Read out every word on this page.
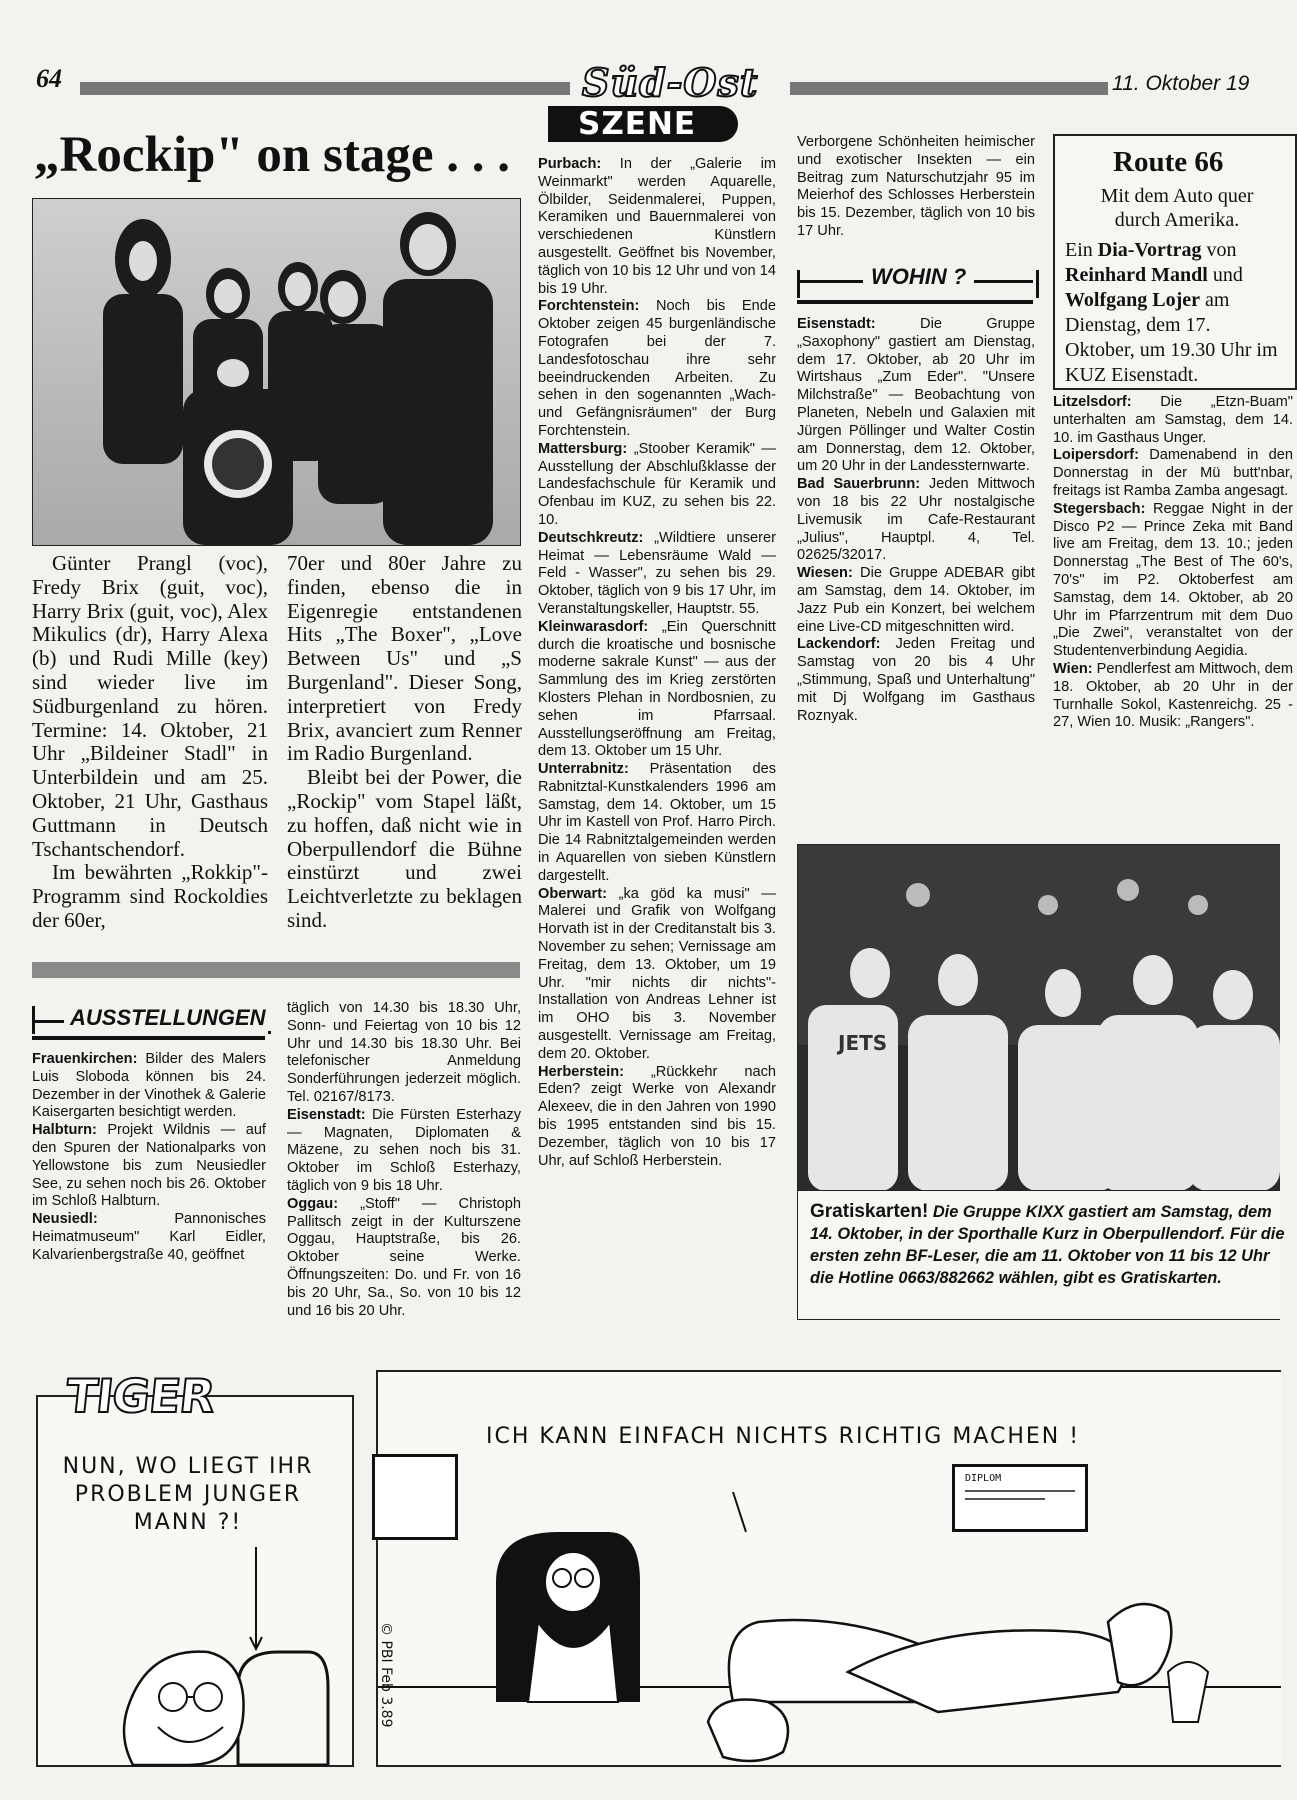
64	Süd-Ost
SZENE
11. Oktober 19
„Rockip" on stage . . .

Günter Prangl (voc), Fredy Brix (guit, voc), Harry Brix (guit, voc), Alex Mikulics (dr), Harry Alexa (b) und Rudi Mille (key) sind wieder live im Südburgenland zu hören. Termine: 14. Oktober, 21 Uhr „Bildeiner Stadl" in Unterbildein und am 25. Oktober, 21 Uhr, Gasthaus Guttmann in Deutsch Tschantschendorf.

Im bewährten „Rokkip"-Programm sind Rockoldies der 60er,

70er und 80er Jahre zu finden, ebenso die in Eigenregie entstandenen Hits „The Boxer", „Love Between Us" und „S Burgenland". Dieser Song, interpretiert von Fredy Brix, avanciert zum Renner im Radio Burgenland.

Bleibt bei der Power, die „Rockip" vom Stapel läßt, zu hoffen, daß nicht wie in Oberpullendorf die Bühne einstürzt und zwei Leichtverletzte zu beklagen sind.

AUSSTELLUNGEN

Frauenkirchen: Bilder des Malers Luis Sloboda können bis 24. Dezember in der Vinothek & Galerie Kaisergarten besichtigt werden.

Halbturn: Projekt Wildnis — auf den Spuren der Nationalparks von Yellowstone bis zum Neusiedler See, zu sehen noch bis 26. Oktober im Schloß Halbturn.

Neusiedl:	Pannonisches Heimatmuseum" Karl Eidler, Kalvarienbergstraße 40, geöffnet

täglich von 14.30 bis 18.30 Uhr, Sonn- und Feiertag von 10 bis 12 Uhr und 14.30 bis 18.30 Uhr. Bei telefonischer Anmeldung Sonderführungen jederzeit möglich. Tel. 02167/8173.

Eisenstadt: Die Fürsten Esterhazy — Magnaten, Diplomaten & Mäzene, zu sehen noch bis 31. Oktober im Schloß Esterhazy, täglich von 9 bis 18 Uhr.

Oggau: „Stoff" — Christoph Pallitsch zeigt in der Kulturszene Oggau, Hauptstraße, bis 26. Oktober seine Werke. Öffnungszeiten: Do. und Fr. von 16 bis 20 Uhr, Sa., So. von 10 bis 12 und 16 bis 20 Uhr.

Purbach: In der „Galerie im Weinmarkt" werden Aquarelle, Ölbilder, Seidenmalerei, Puppen, Keramiken und Bauernmalerei von verschiedenen Künstlern ausgestellt. Geöffnet bis November, täglich von 10 bis 12 Uhr und von 14 bis 19 Uhr.

Forchtenstein: Noch bis Ende Oktober zeigen 45 burgenländische Fotografen bei der 7. Landesfotoschau ihre sehr beeindruckenden Arbeiten. Zu sehen in den sogenannten „Wach- und Gefängnisräumen" der Burg Forchtenstein.

Mattersburg: „Stoober Keramik" — Ausstellung der Abschlußklasse der Landesfachschule für Keramik und Ofenbau im KUZ, zu sehen bis 22. 10.

Deutschkreutz: „Wildtiere unserer Heimat — Lebensräume Wald — Feld - Wasser", zu sehen bis 29. Oktober, täglich von 9 bis 17 Uhr, im Veranstaltungskeller, Hauptstr. 55.

Kleinwarasdorf: „Ein Querschnitt durch die kroatische und bosnische moderne sakrale Kunst" — aus der Sammlung des im Krieg zerstörten Klosters Plehan in Nordbosnien, zu sehen im Pfarrsaal. Ausstellungseröffnung am Freitag, dem 13. Oktober um 15 Uhr.

Unterrabnitz: Präsentation des Rabnitztal-Kunstkalenders 1996 am Samstag, dem 14. Oktober, um 15 Uhr im Kastell von Prof. Harro Pirch. Die 14 Rabnitztalgemeinden werden in Aquarellen von sieben Künstlern dargestellt.

Oberwart: „ka göd ka musi" — Malerei und Grafik von Wolfgang Horvath ist in der Creditanstalt bis 3. November zu sehen; Vernissage am Freitag, dem 13. Oktober, um 19 Uhr. "mir nichts dir nichts"-Installation von Andreas Lehner ist im OHO bis 3. November ausgestellt. Vernissage am Freitag, dem 20. Oktober.

Herberstein: „Rückkehr nach Eden? zeigt Werke von Alexandr Alexeev, die in den Jahren von 1990 bis 1995 entstanden sind bis 15. Dezember, täglich von 10 bis 17 Uhr, auf Schloß Herberstein.

Verborgene Schönheiten heimischer und exotischer Insekten — ein Beitrag zum Naturschutzjahr 95 im Meierhof des Schlosses Herberstein bis 15. Dezember, täglich von 10 bis 17 Uhr.
WOHIN ?

Eisenstadt:	Die Gruppe „Saxophony" gastiert am Dienstag, dem 17. Oktober, ab 20 Uhr im Wirtshaus „Zum Eder". "Unsere Milchstraße" — Beobachtung von Planeten, Nebeln und Galaxien mit Jürgen Pöllinger und Walter Costin am Donnerstag, dem 12. Oktober, um 20 Uhr in der Landessternwarte.

Bad Sauerbrunn: Jeden Mittwoch von 18 bis 22 Uhr nostalgische Livemusik im Cafe-Restaurant „Julius", Hauptpl. 4, Tel. 02625/32017.

Wiesen: Die Gruppe ADEBAR gibt am Samstag, dem 14. Oktober, im Jazz Pub ein Konzert, bei welchem eine Live-CD mitgeschnitten wird.

Lackendorf: Jeden Freitag und Samstag von 20 bis 4 Uhr „Stimmung, Spaß und Unterhaltung" mit Dj Wolfgang im Gasthaus Roznyak.

Route 66
Mit dem Auto quer durch Amerika.
Ein Dia-Vortrag von Reinhard Mandl und Wolfgang Lojer am Dienstag, dem 17. Oktober, um 19.30 Uhr im KUZ Eisenstadt.

Litzelsdorf: Die „Etzn-Buam" unterhalten am Samstag, dem 14. 10. im Gasthaus Unger.

Loipersdorf: Damenabend in den Donnerstag in der Mü butt'nbar, freitags ist Ramba Zamba angesagt.

Stegersbach: Reggae Night in der Disco P2 — Prince Zeka mit Band live am Freitag, dem 13. 10.; jeden Donnerstag „The Best of The 60's, 70's" im P2. Oktoberfest am Samstag, dem 14. Oktober, ab 20 Uhr im Pfarrzentrum mit dem Duo „Die Zwei", veranstaltet von der Studentenverbindung Aegidia.

Wien: Pendlerfest am Mittwoch, dem 18. Oktober, ab 20 Uhr in der Turnhalle Sokol, Kastenreichg. 25 - 27, Wien 10. Musik: „Rangers".

JETS
Gratiskarten! Die Gruppe KIXX gastiert am Samstag, dem 14. Oktober, in der Sporthalle Kurz in Oberpullendorf. Für die ersten zehn BF-Leser, die am 11. Oktober von 11 bis 12 Uhr die Hotline 0663/882662 wählen, gibt es Gratiskarten.
TIGER
NUN, WO LIEGT IHR PROBLEM JUNGER MANN ?!
ICH KANN EINFACH NICHTS RICHTIG MACHEN !
DIPLOM
© PBI Feb 3.89
